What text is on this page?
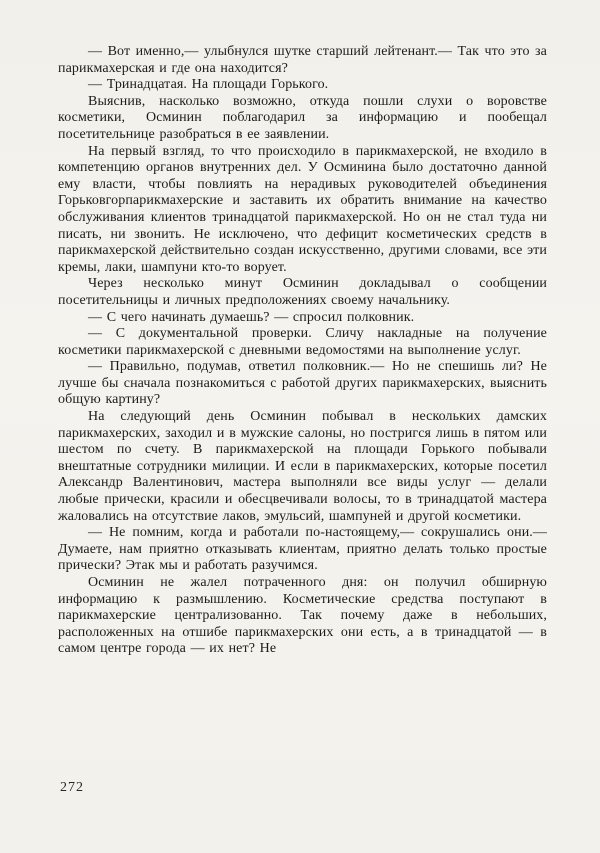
— Вот именно,— улыбнулся шутке старший лейтенант.— Так что это за парикмахерская и где она находится?

— Тринадцатая. На площади Горького.

Выяснив, насколько возможно, откуда пошли слухи о воровстве косметики, Осминин поблагодарил за информацию и пообещал посетительнице разобраться в ее заявлении.

На первый взгляд, то что происходило в парикмахерской, не входило в компетенцию органов внутренних дел. У Осминина было достаточно данной ему власти, чтобы повлиять на нерадивых руководителей объединения Горьковгорпарикмахерские и заставить их обратить внимание на качество обслуживания клиентов тринадцатой парикмахерской. Но он не стал туда ни писать, ни звонить. Не исключено, что дефицит косметических средств в парикмахерской действительно создан искусственно, другими словами, все эти кремы, лаки, шампуни кто-то ворует.

Через несколько минут Осминин докладывал о сообщении посетительницы и личных предположениях своему начальнику.

— С чего начинать думаешь? — спросил полковник.

— С документальной проверки. Сличу накладные на получение косметики парикмахерской с дневными ведомостями на выполнение услуг.

— Правильно, подумав, ответил полковник.— Но не спешишь ли? Не лучше бы сначала познакомиться с работой других парикмахерских, выяснить общую картину?

На следующий день Осминин побывал в нескольких дамских парикмахерских, заходил и в мужские салоны, но постригся лишь в пятом или шестом по счету. В парикмахерской на площади Горького побывали внештатные сотрудники милиции. И если в парикмахерских, которые посетил Александр Валентинович, мастера выполняли все виды услуг — делали любые прически, красили и обесцвечивали волосы, то в тринадцатой мастера жаловались на отсутствие лаков, эмульсий, шампуней и другой косметики.

— Не помним, когда и работали по-настоящему,— сокрушались они.— Думаете, нам приятно отказывать клиентам, приятно делать только простые прически? Этак мы и работать разучимся.

Осминин не жалел потраченного дня: он получил обширную информацию к размышлению. Косметические средства поступают в парикмахерские централизованно. Так почему даже в небольших, расположенных на отшибе парикмахерских они есть, а в тринадцатой — в самом центре города — их нет? Не

272
